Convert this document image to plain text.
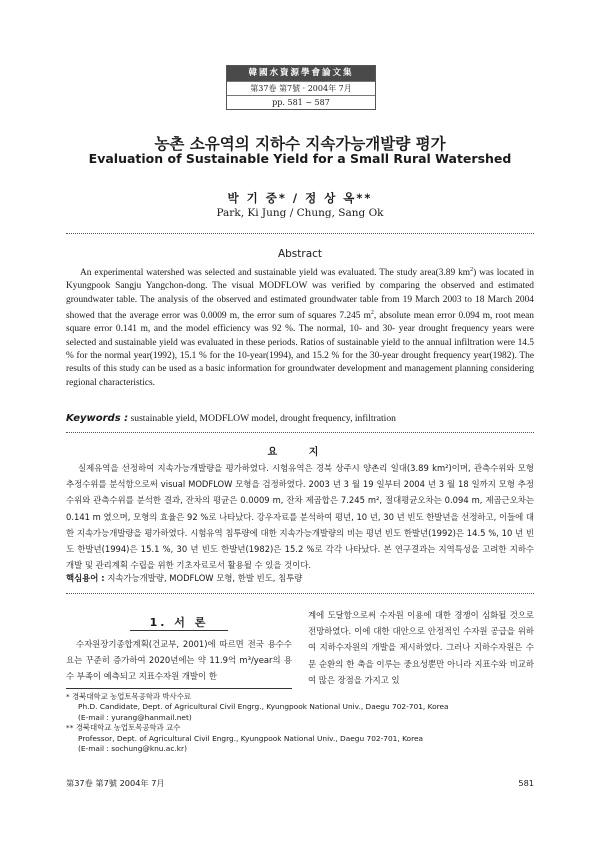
韓國水資源學會論文集
第37卷 第7號 · 2004年 7月
pp. 581 ~ 587
농촌 소유역의 지하수 지속가능개발량 평가
Evaluation of Sustainable Yield for a Small Rural Watershed
박 기 중* / 정 상 옥**
Park, Ki Jung / Chung, Sang Ok
Abstract

An experimental watershed was selected and sustainable yield was evaluated. The study area(3.89 $km^2$) was located in Kyungpook Sangju Yangchon-dong. The visual MODFLOW was verified by comparing the observed and estimated groundwater table. The analysis of the observed and estimated groundwater table from 19 March 2003 to 18 March 2004 showed that the average error was 0.0009 m, the error sum of squares 7.245 $m^2$, absolute mean error 0.094 m, root mean square error 0.141 m, and the model efficiency was 92 %. The normal, 10- and 30- year drought frequency years were selected and sustainable yield was evaluated in these periods. Ratios of sustainable yield to the annual infiltration were 14.5 % for the normal year(1992), 15.1 % for the 10-year(1994), and 15.2 % for the 30-year drought frequency year(1982). The results of this study can be used as a basic information for groundwater development and management planning considering regional characteristics.

Keywords : sustainable yield, MODFLOW model, drought frequency, infiltration
요 지

실제유역을 선정하여 지속가능개발량을 평가하였다. 시험유역은 경북 상주시 양촌리 일대(3.89 km²)이며, 관측수위와 모형 추정수위를 분석함으로써 visual MODFLOW 모형을 검정하였다. 2003 년 3 월 19 일부터 2004 년 3 월 18 일까지 모형 추정수위와 관측수위를 분석한 결과, 잔차의 평균은 0.0009 m, 잔차 제곱합은 7.245 m², 절대평균오차는 0.094 m, 제곱근오차는 0.141 m 였으며, 모형의 효율은 92 %로 나타났다. 강우자료를 분석하여 평년, 10 년, 30 년 빈도 한발년을 선정하고, 이들에 대한 지속가능개발량을 평가하였다. 시험유역 침투량에 대한 지속가능개발량의 비는 평년 빈도 한발년(1992)은 14.5 %, 10 년 빈도 한발년(1994)은 15.1 %, 30 년 빈도 한발년(1982)은 15.2 %로 각각 나타났다. 본 연구결과는 지역특성을 고려한 지하수 개발 및 관리계획 수립을 위한 기초자료로서 활용될 수 있을 것이다.

핵심용어 : 지속가능개발량, MODFLOW 모형, 한발 빈도, 침투량
1. 서 론

수자원장기종합계획(건교부, 2001)에 따르면 전국 용수수요는 꾸준히 증가하여 2020년에는 약 11.9억 m³/year의 용수 부족이 예측되고 지표수자원 개발이 한

계에 도달함으로써 수자원 이용에 대한 경쟁이 심화될 것으로 전망하였다. 이에 대한 대안으로 안정적인 수자원 공급을 위하여 지하수자원의 개발을 제시하였다. 그러나 지하수자원은 수문 순환의 한 축을 이루는 중요성뿐만 아니라 지표수와 비교하여 많은 장점을 가지고 있

* 경북대학교 농업토목공학과 박사수료
Ph.D. Candidate, Dept. of Agricultural Civil Engrg., Kyungpook National Univ., Daegu 702-701, Korea
(E-mail : yurang@hanmail.net)
** 경북대학교 농업토목공학과 교수
Professor, Dept. of Agricultural Civil Engrg., Kyungpook National Univ., Daegu 702-701, Korea
(E-mail : sochung@knu.ac.kr)
第37卷 第7號 2004年 7月	581
